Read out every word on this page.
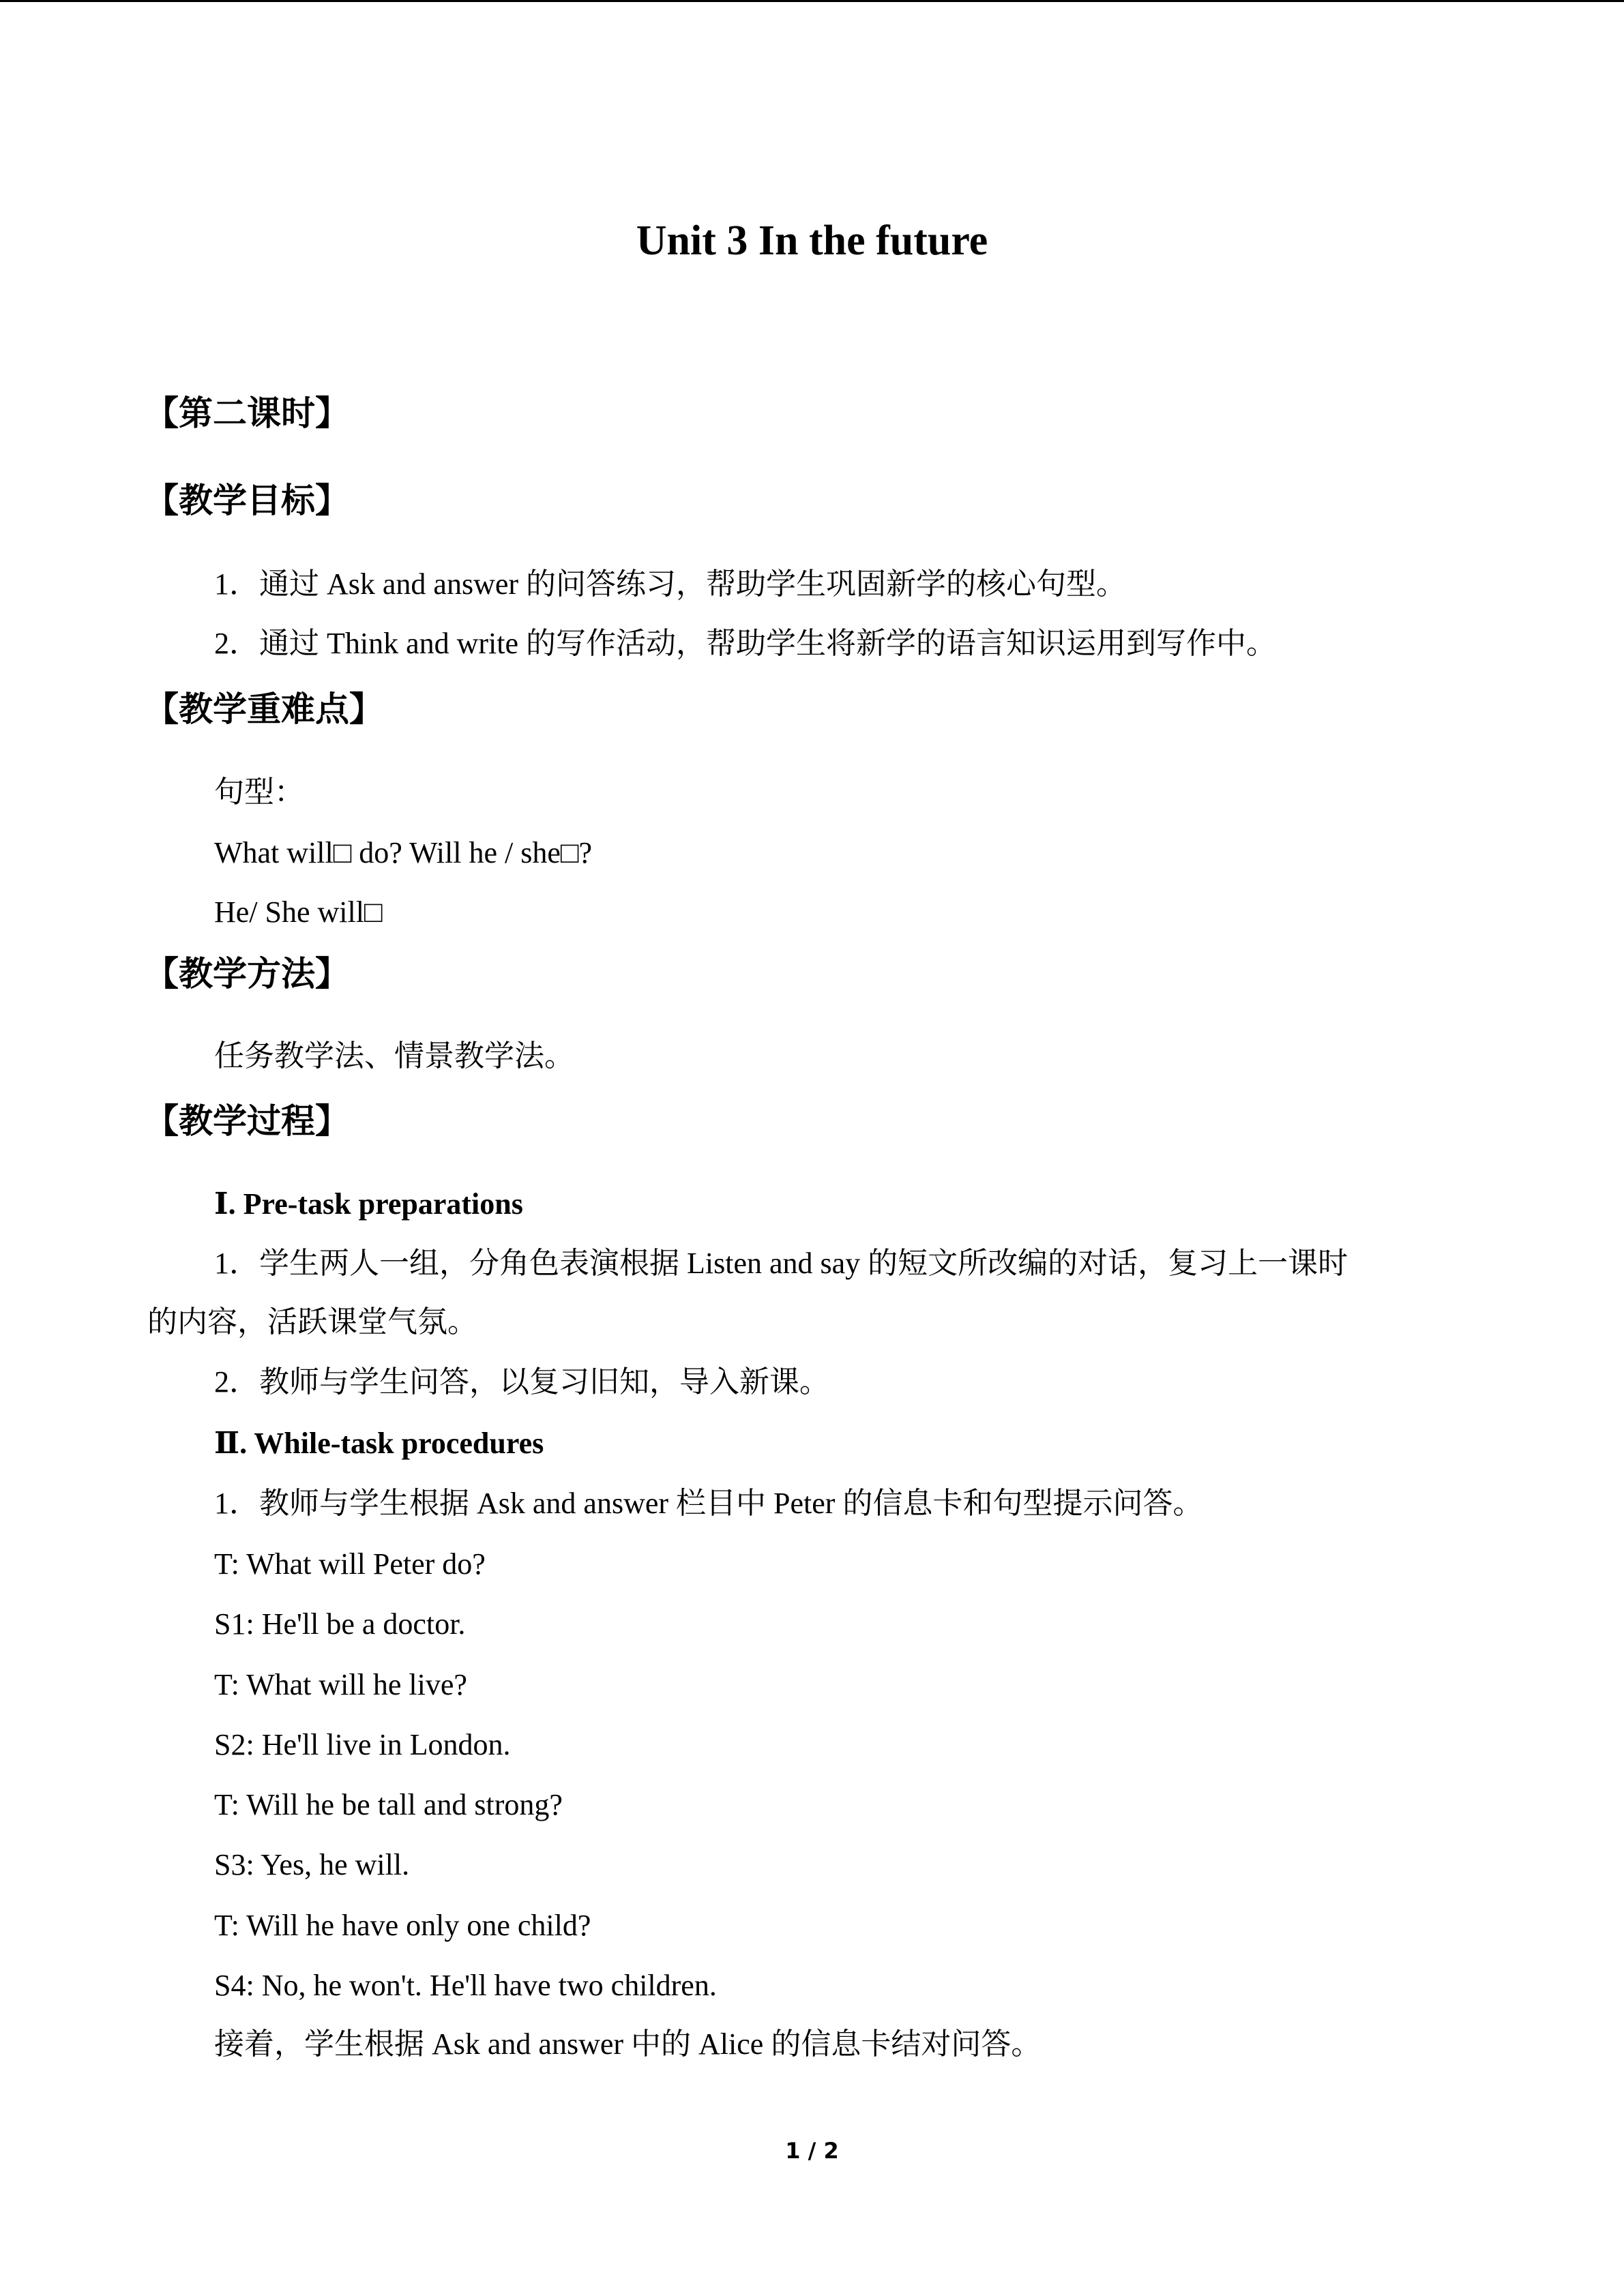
Unit 3 In the future
【第二课时】
【教学目标】
1．通过 Ask and answer 的问答练习，帮助学生巩固新学的核心句型。
2．通过 Think and write 的写作活动，帮助学生将新学的语言知识运用到写作中。
【教学重难点】
句型：
What will□ do? Will he / she□?
He/ She will□
【教学方法】
任务教学法、情景教学法。
【教学过程】
Ⅰ. Pre-task preparations
1．学生两人一组，分角色表演根据 Listen and say 的短文所改编的对话，复习上一课时
的内容，活跃课堂气氛。
2．教师与学生问答，以复习旧知，导入新课。
Ⅱ. While-task procedures
1．教师与学生根据 Ask and answer 栏目中 Peter 的信息卡和句型提示问答。
T: What will Peter do?
S1: He'll be a doctor.
T: What will he live?
S2: He'll live in London.
T: Will he be tall and strong?
S3: Yes, he will.
T: Will he have only one child?
S4: No, he won't. He'll have two children.
接着，学生根据 Ask and answer 中的 Alice 的信息卡结对问答。
1 / 2
